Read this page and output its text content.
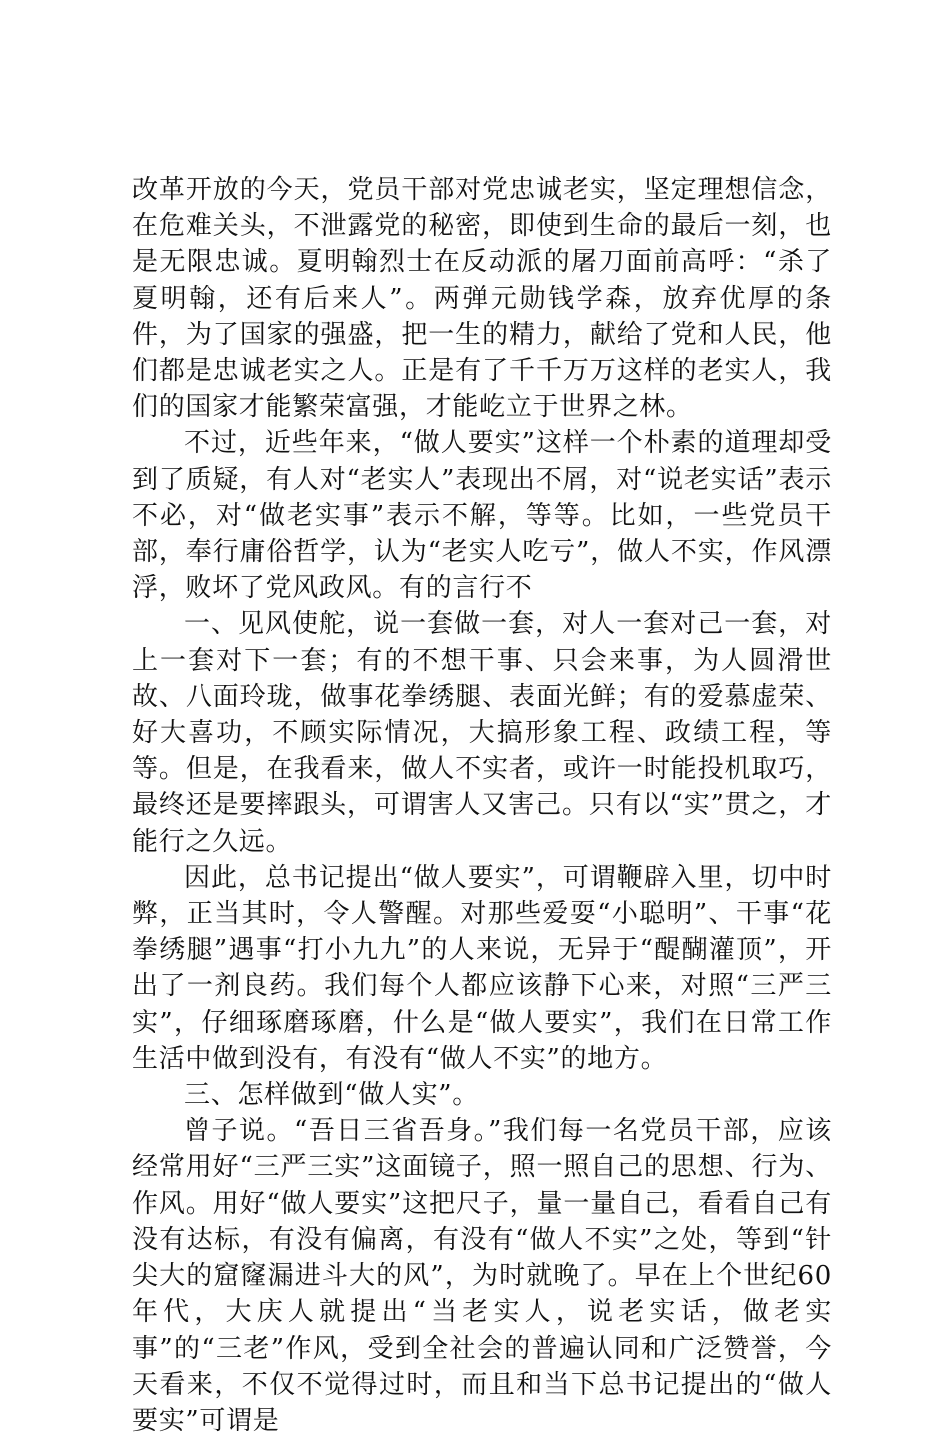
改革开放的今天，党员干部对党忠诚老实，坚定理想信念，在危难关头，不泄露党的秘密，即使到生命的最后一刻，也是无限忠诚。夏明翰烈士在反动派的屠刀面前高呼：“杀了夏明翰，还有后来人”。两弹元勋钱学森，放弃优厚的条件，为了国家的强盛，把一生的精力，献给了党和人民，他们都是忠诚老实之人。正是有了千千万万这样的老实人，我们的国家才能繁荣富强，才能屹立于世界之林。

不过，近些年来，“做人要实”这样一个朴素的道理却受到了质疑，有人对“老实人”表现出不屑，对“说老实话”表示不必，对“做老实事”表示不解，等等。比如，一些党员干部，奉行庸俗哲学，认为“老实人吃亏”，做人不实，作风漂浮，败坏了党风政风。有的言行不

一、见风使舵，说一套做一套，对人一套对己一套，对上一套对下一套；有的不想干事、只会来事，为人圆滑世故、八面玲珑，做事花拳绣腿、表面光鲜；有的爱慕虚荣、好大喜功，不顾实际情况，大搞形象工程、政绩工程，等等。但是，在我看来，做人不实者，或许一时能投机取巧，最终还是要摔跟头，可谓害人又害己。只有以“实”贯之，才能行之久远。

因此，总书记提出“做人要实”，可谓鞭辟入里，切中时弊，正当其时，令人警醒。对那些爱耍“小聪明”、干事“花拳绣腿”遇事“打小九九”的人来说，无异于“醍醐灌顶”，开出了一剂良药。我们每个人都应该静下心来，对照“三严三实”，仔细琢磨琢磨，什么是“做人要实”，我们在日常工作生活中做到没有，有没有“做人不实”的地方。

三、怎样做到“做人实”。

曾子说。“吾日三省吾身。”我们每一名党员干部，应该经常用好“三严三实”这面镜子，照一照自己的思想、行为、作风。用好“做人要实”这把尺子，量一量自己，看看自己有没有达标，有没有偏离，有没有“做人不实”之处，等到“针尖大的窟窿漏进斗大的风”，为时就晚了。早在上个世纪60年代，大庆人就提出“当老实人，说老实话，做老实事”的“三老”作风，受到全社会的普遍认同和广泛赞誉，今天看来，不仅不觉得过时，而且和当下总书记提出的“做人要实”可谓是
